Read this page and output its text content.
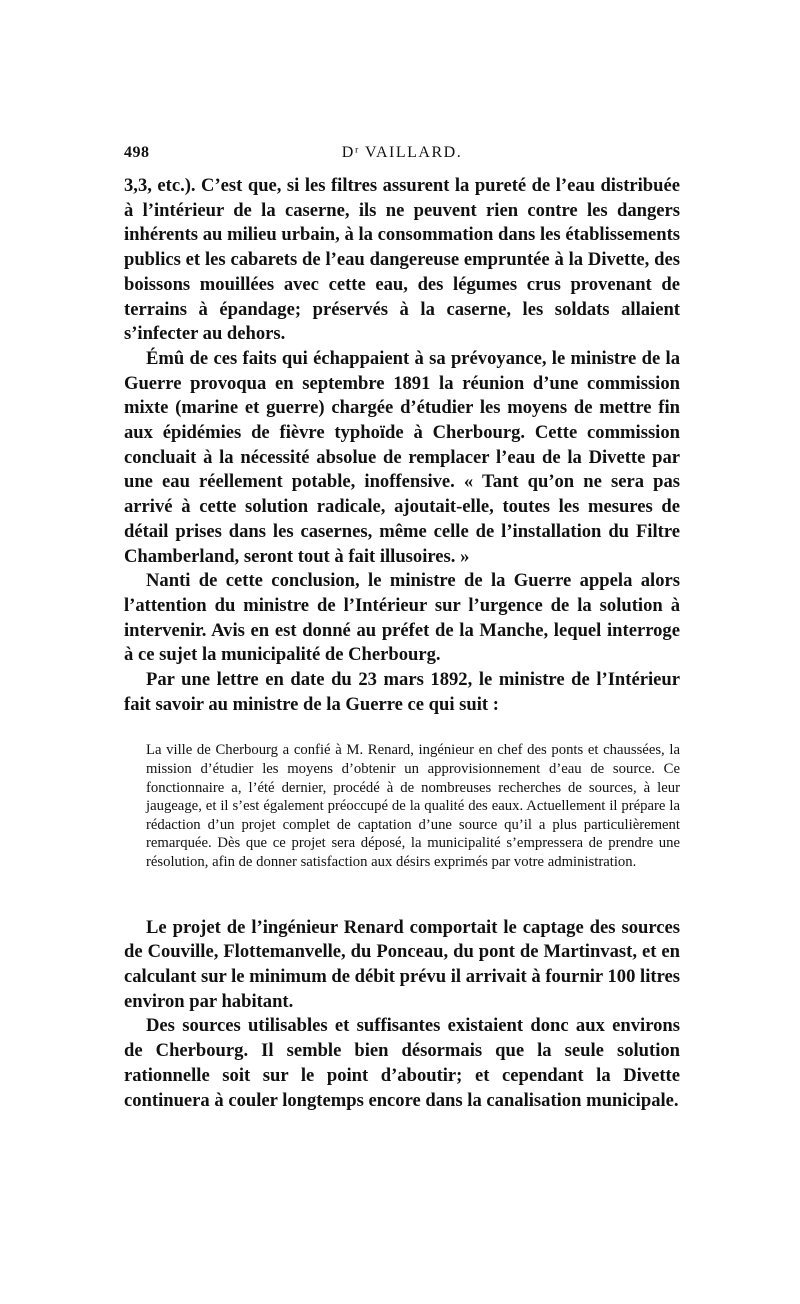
498	Dʳ VAILLARD.

3,3, etc.). C’est que, si les filtres assurent la pureté de l’eau distribuée à l’intérieur de la caserne, ils ne peuvent rien contre les dangers inhérents au milieu urbain, à la consommation dans les établissements publics et les cabarets de l’eau dangereuse empruntée à la Divette, des boissons mouillées avec cette eau, des légumes crus provenant de terrains à épandage; préservés à la caserne, les soldats allaient s’infecter au dehors.

Émû de ces faits qui échappaient à sa prévoyance, le ministre de la Guerre provoqua en septembre 1891 la réunion d’une commission mixte (marine et guerre) chargée d’étudier les moyens de mettre fin aux épidémies de fièvre typhoïde à Cherbourg. Cette commission concluait à la nécessité absolue de remplacer l’eau de la Divette par une eau réellement potable, inoffensive. « Tant qu’on ne sera pas arrivé à cette solution radicale, ajoutait-elle, toutes les mesures de détail prises dans les casernes, même celle de l’installation du Filtre Chamberland, seront tout à fait illusoires. »

Nanti de cette conclusion, le ministre de la Guerre appela alors l’attention du ministre de l’Intérieur sur l’urgence de la solution à intervenir. Avis en est donné au préfet de la Manche, lequel interroge à ce sujet la municipalité de Cherbourg.

Par une lettre en date du 23 mars 1892, le ministre de l’Intérieur fait savoir au ministre de la Guerre ce qui suit :

La ville de Cherbourg a confié à M. Renard, ingénieur en chef des ponts et chaussées, la mission d’étudier les moyens d’obtenir un approvisionnement d’eau de source. Ce fonctionnaire a, l’été dernier, procédé à de nombreuses recherches de sources, à leur jaugeage, et il s’est également préoccupé de la qualité des eaux. Actuellement il prépare la rédaction d’un projet complet de captation d’une source qu’il a plus particulièrement remarquée. Dès que ce projet sera déposé, la municipalité s’empressera de prendre une résolution, afin de donner satisfaction aux désirs exprimés par votre administration.

Le projet de l’ingénieur Renard comportait le captage des sources de Couville, Flottemanvelle, du Ponceau, du pont de Martinvast, et en calculant sur le minimum de débit prévu il arrivait à fournir 100 litres environ par habitant.

Des sources utilisables et suffisantes existaient donc aux environs de Cherbourg. Il semble bien désormais que la seule solution rationnelle soit sur le point d’aboutir; et cependant la Divette continuera à couler longtemps encore dans la canalisation municipale.
